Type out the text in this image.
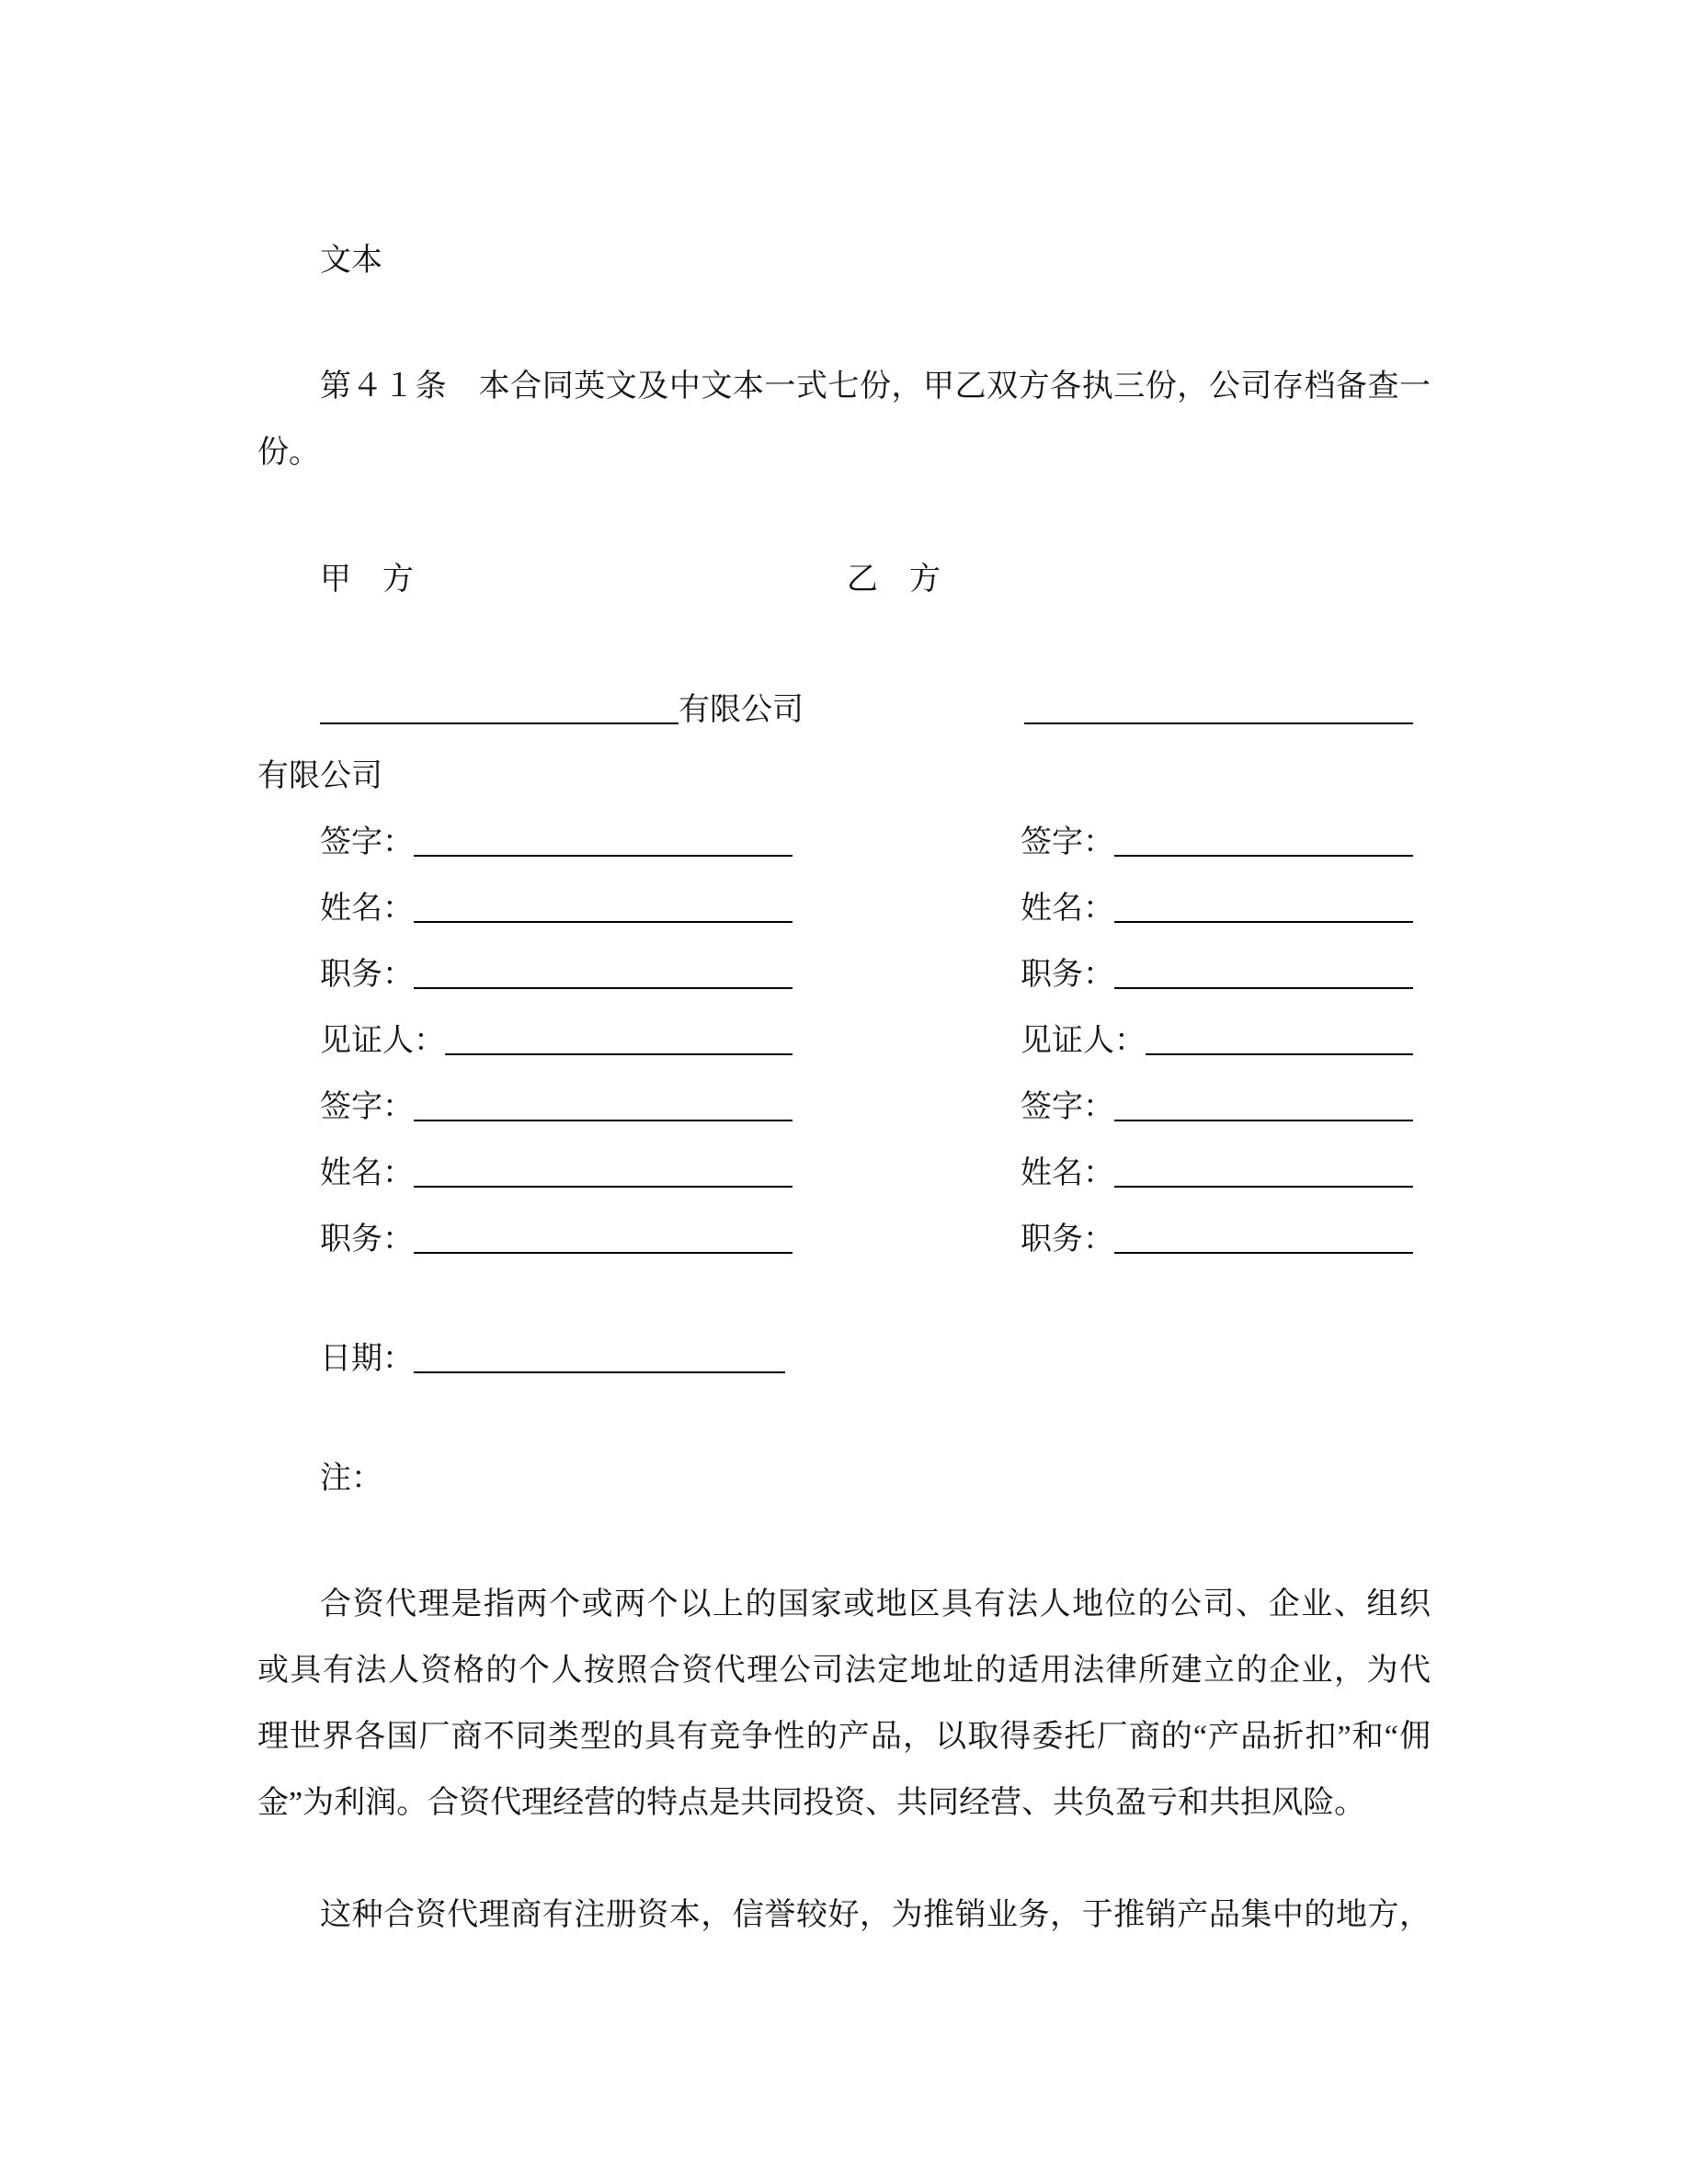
文本
第４１条　本合同英文及中文本一式七份，甲乙双方各执三份，公司存档备查一
份。
甲　方	乙　方
有限公司
有限公司
签字：	签字：
姓名：	姓名：
职务：	职务：
见证人：	见证人：
签字：	签字：
姓名：	姓名：
职务：	职务：
日期：
注：
合资代理是指两个或两个以上的国家或地区具有法人地位的公司、企业、组织
或具有法人资格的个人按照合资代理公司法定地址的适用法律所建立的企业，为代
理世界各国厂商不同类型的具有竞争性的产品，以取得委托厂商的“产品折扣”和“佣
金”为利润。合资代理经营的特点是共同投资、共同经营、共负盈亏和共担风险。
这种合资代理商有注册资本，信誉较好，为推销业务，于推销产品集中的地方，
